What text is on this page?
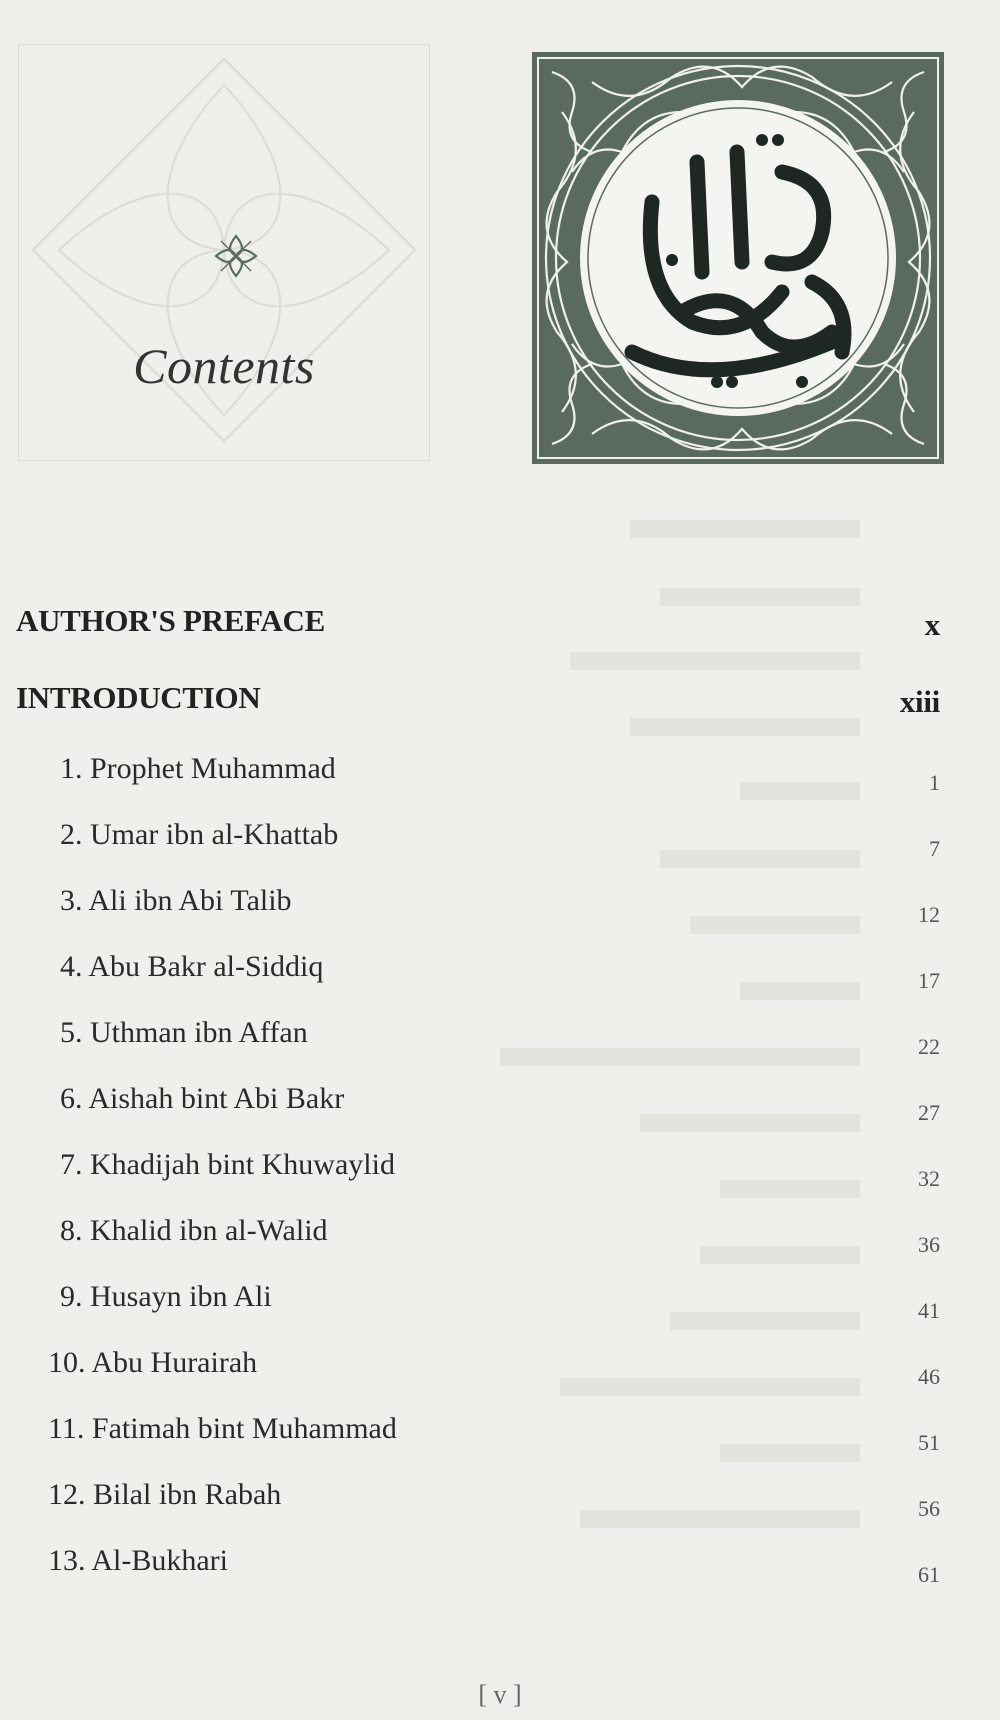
Contents
AUTHOR'S PREFACE	x
INTRODUCTION	xiii
1. Prophet Muhammad	1
2. Umar ibn al-Khattab	7
3. Ali ibn Abi Talib	12
4. Abu Bakr al-Siddiq	17
5. Uthman ibn Affan	22
6. Aishah bint Abi Bakr	27
7. Khadijah bint Khuwaylid	32
8. Khalid ibn al-Walid	36
9. Husayn ibn Ali	41
10. Abu Hurairah	46
11. Fatimah bint Muhammad	51
12. Bilal ibn Rabah	56
13. Al-Bukhari	61
[ v ]
